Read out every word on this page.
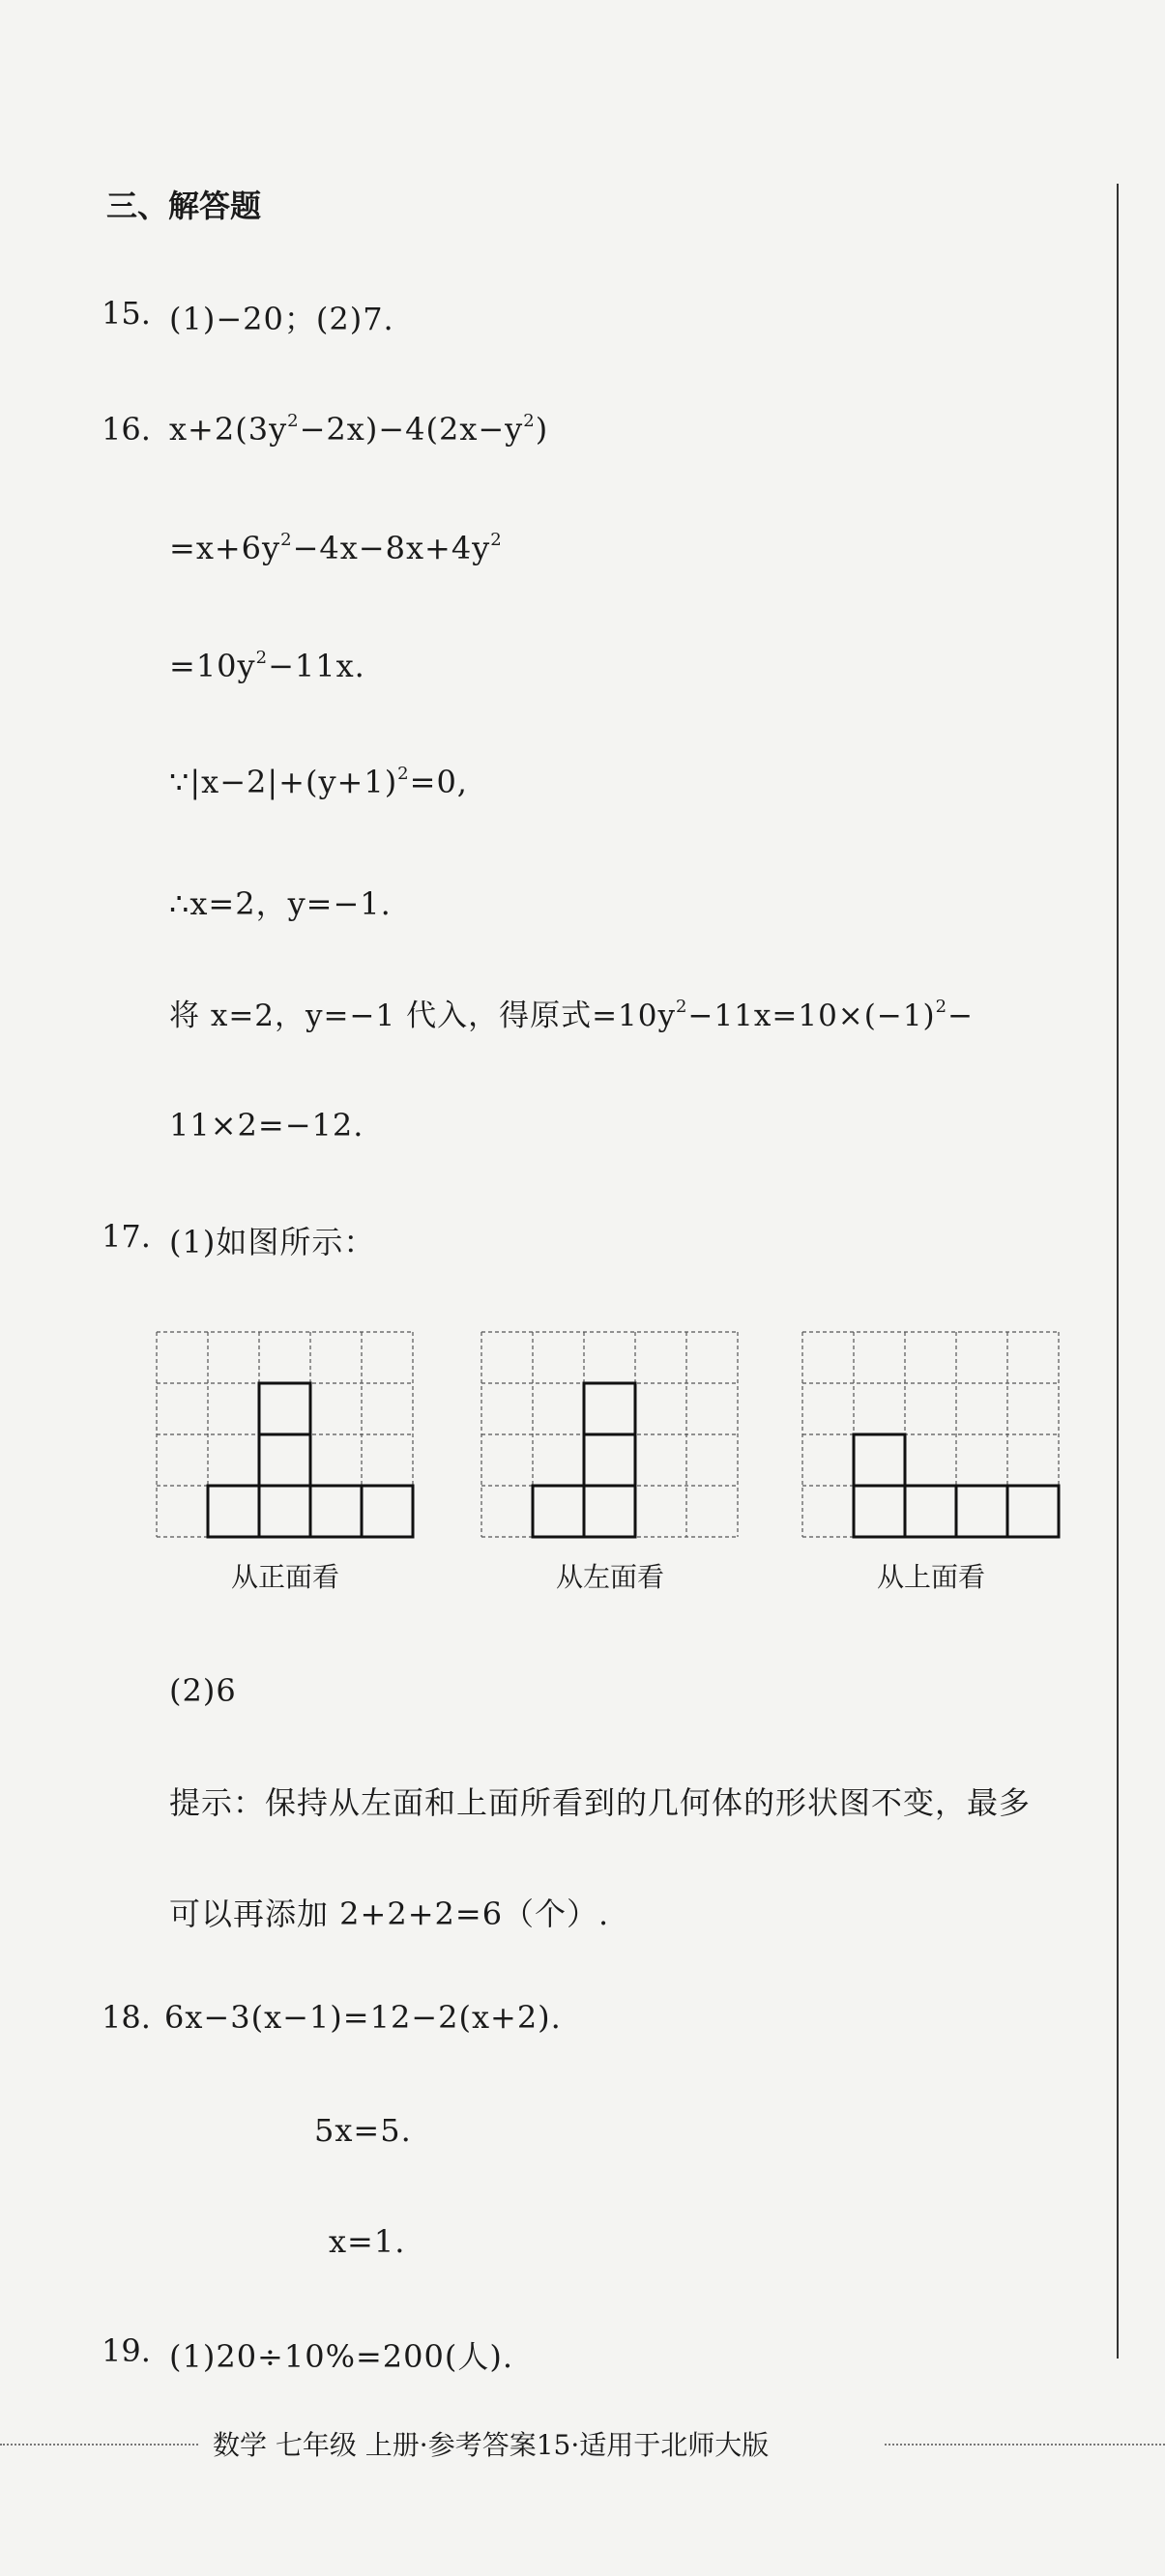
三、解答题
15. (1)−20；(2)7.
16. $x+2(3y^2-2x)-4(2x-y^2)$
$=x+6y^2-4x-8x+4y^2$
$=10y^2-11x$.
$\because|x-2|+(y+1)^2=0$,
∴x=2，y=−1.
将 x=2，y=−1 代入，得原式$=10y^2-11x=10\times(-1)^2-$
11×2=−12.
17. (1)如图所示：
从正面看	从左面看	从上面看
(2)6
提示：保持从左面和上面所看到的几何体的形状图不变，最多
可以再添加 2+2+2=6（个）.
18. 6x−3(x−1)=12−2(x+2).
5x=5.
x=1.
19. (1)20÷10%=200(人).
数学 七年级 上册·参考答案15·适用于北师大版
